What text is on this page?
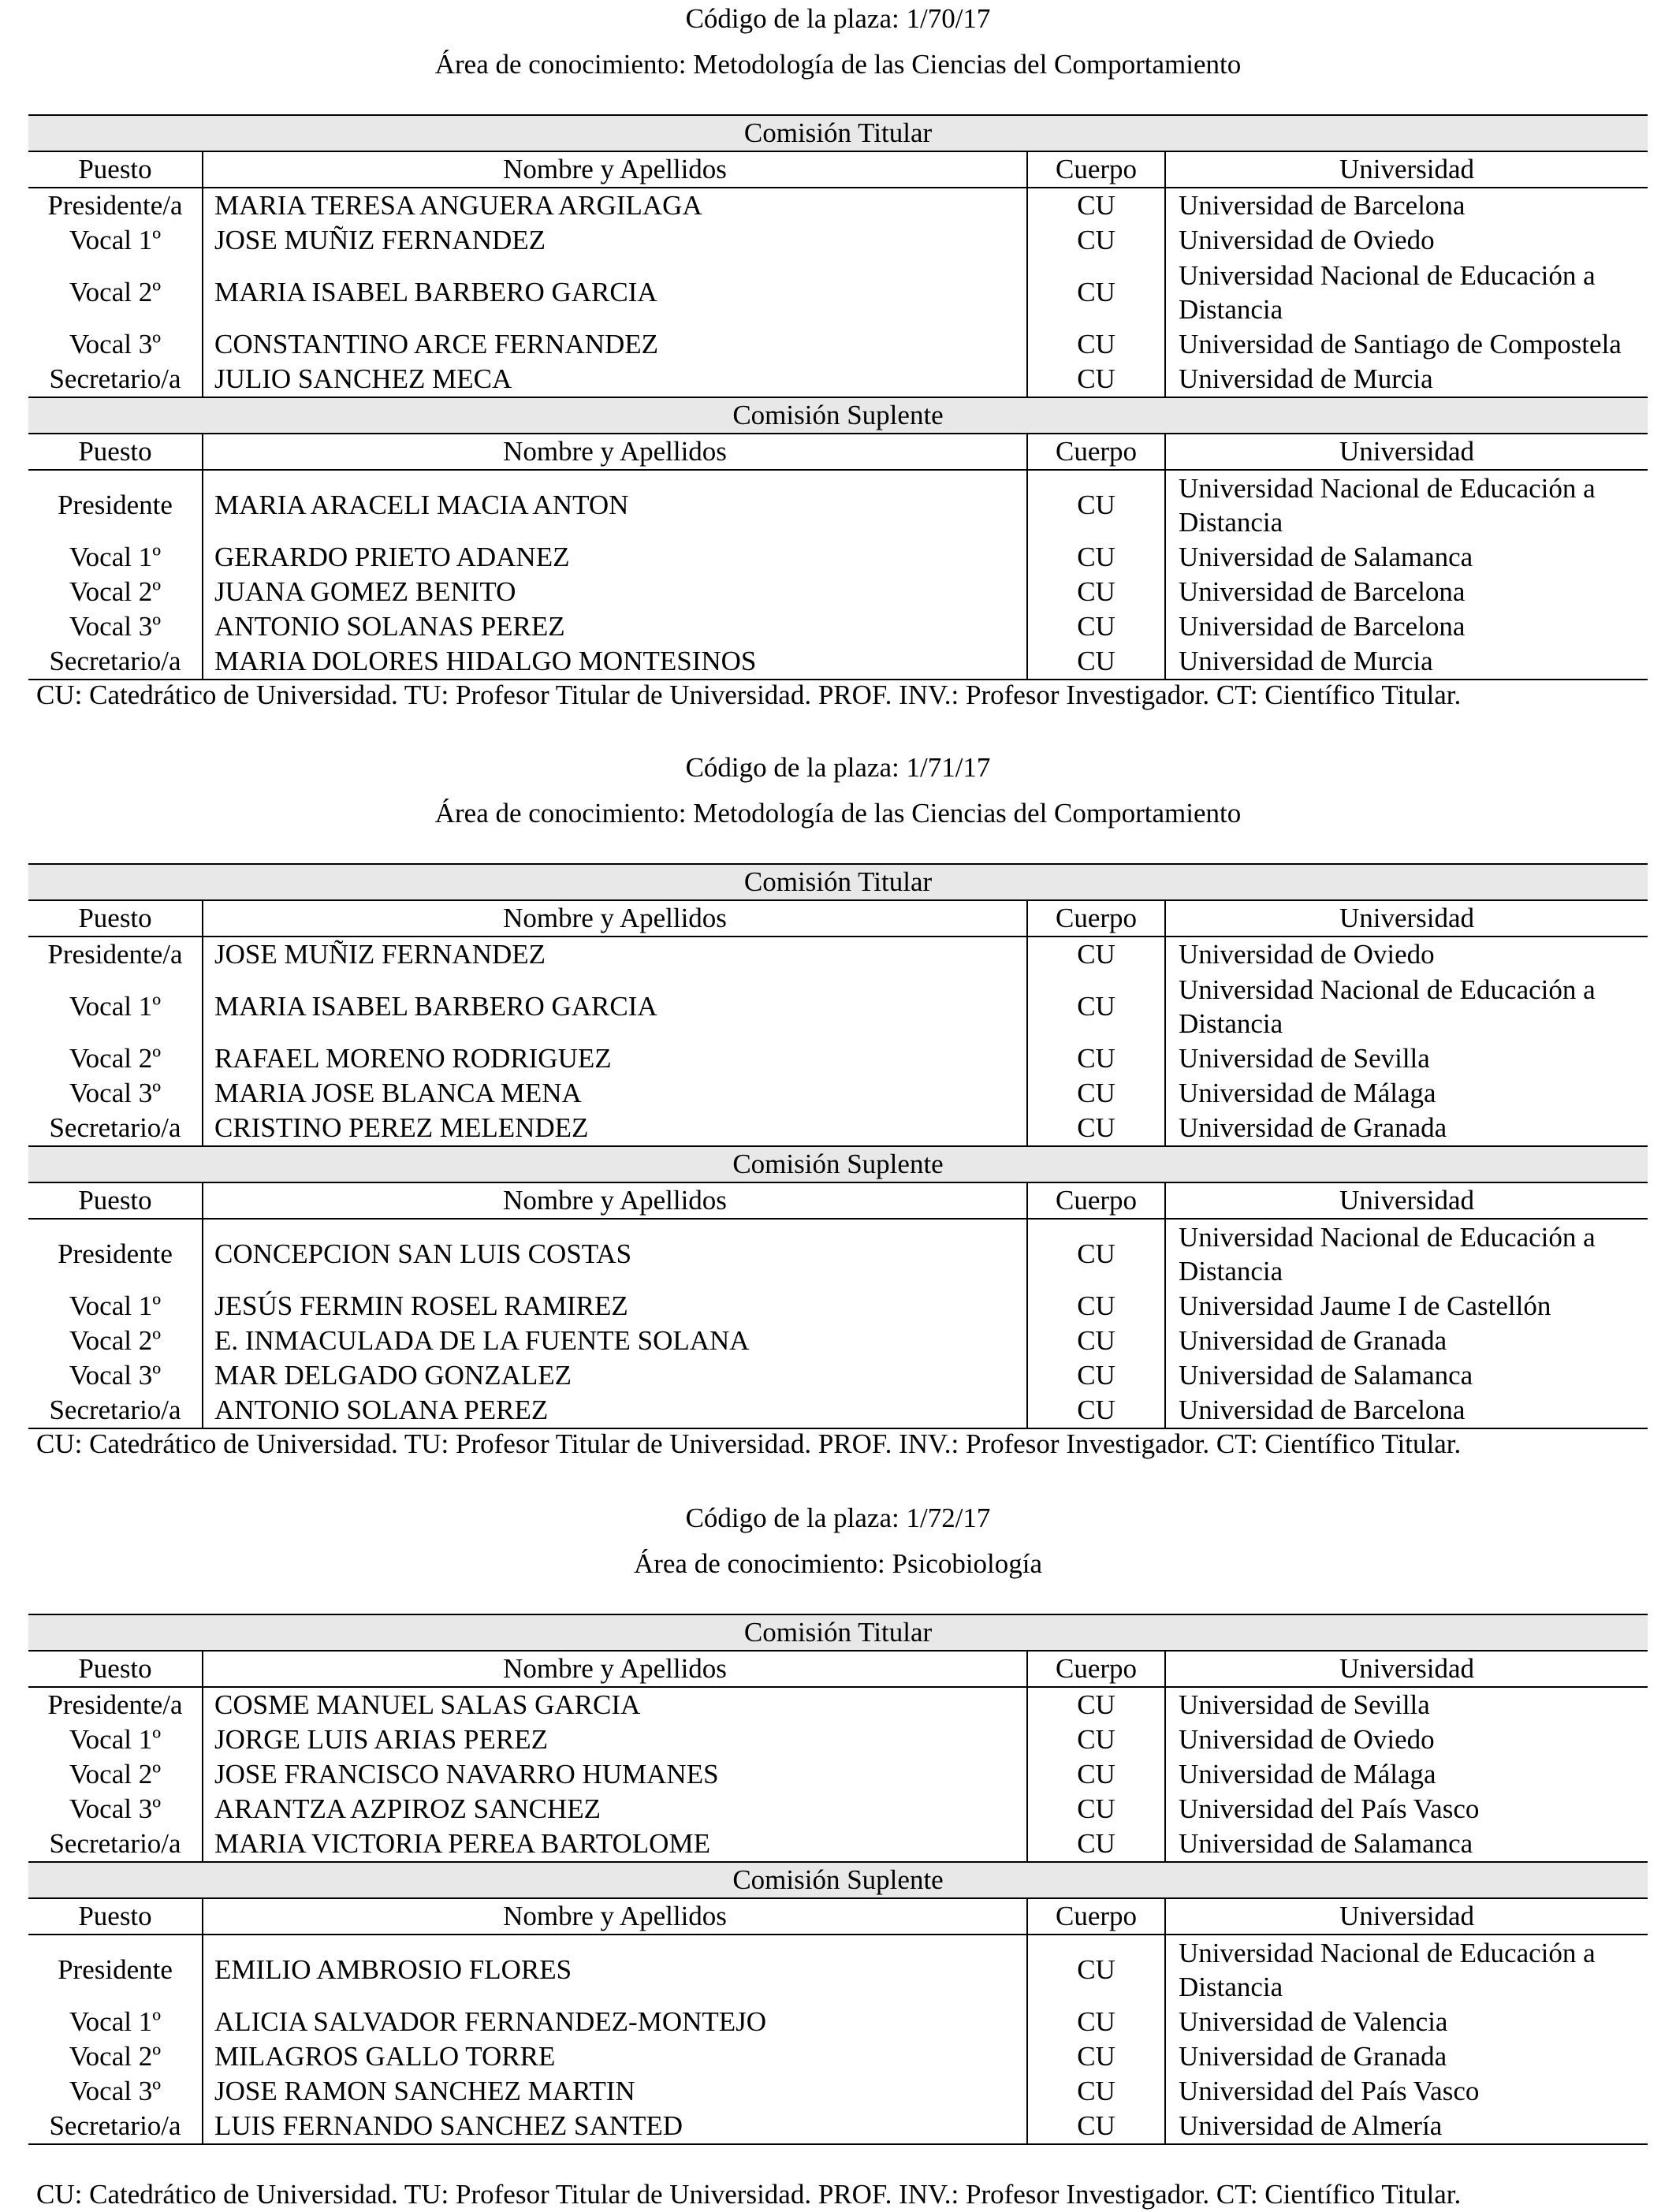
Código de la plaza: 1/70/17
Área de conocimiento: Metodología de las Ciencias del Comportamiento
Comisión Titular			
Puesto	Nombre y Apellidos	Cuerpo	Universidad
Presidente/a	MARIA TERESA ANGUERA ARGILAGA	CU	Universidad de Barcelona
Vocal 1º	JOSE MUÑIZ FERNANDEZ	CU	Universidad de Oviedo
Vocal 2º	MARIA ISABEL BARBERO GARCIA	CU	Universidad Nacional de Educación a Distancia
Vocal 3º	CONSTANTINO ARCE FERNANDEZ	CU	Universidad de Santiago de Compostela
Secretario/a	JULIO SANCHEZ MECA	CU	Universidad de Murcia
Comisión Suplente			
Puesto	Nombre y Apellidos	Cuerpo	Universidad
Presidente	MARIA ARACELI MACIA ANTON	CU	Universidad Nacional de Educación a Distancia
Vocal 1º	GERARDO PRIETO ADANEZ	CU	Universidad de Salamanca
Vocal 2º	JUANA GOMEZ BENITO	CU	Universidad de Barcelona
Vocal 3º	ANTONIO SOLANAS PEREZ	CU	Universidad de Barcelona
Secretario/a	MARIA DOLORES HIDALGO MONTESINOS	CU	Universidad de Murcia
CU: Catedrático de Universidad. TU: Profesor Titular de Universidad. PROF. INV.: Profesor Investigador. CT: Científico Titular.
Código de la plaza: 1/71/17
Área de conocimiento: Metodología de las Ciencias del Comportamiento
Comisión Titular			
Puesto	Nombre y Apellidos	Cuerpo	Universidad
Presidente/a	JOSE MUÑIZ FERNANDEZ	CU	Universidad de Oviedo
Vocal 1º	MARIA ISABEL BARBERO GARCIA	CU	Universidad Nacional de Educación a Distancia
Vocal 2º	RAFAEL MORENO RODRIGUEZ	CU	Universidad de Sevilla
Vocal 3º	MARIA JOSE BLANCA MENA	CU	Universidad de Málaga
Secretario/a	CRISTINO PEREZ MELENDEZ	CU	Universidad de Granada
Comisión Suplente			
Puesto	Nombre y Apellidos	Cuerpo	Universidad
Presidente	CONCEPCION SAN LUIS COSTAS	CU	Universidad Nacional de Educación a Distancia
Vocal 1º	JESÚS FERMIN ROSEL RAMIREZ	CU	Universidad Jaume I de Castellón
Vocal 2º	E. INMACULADA DE LA FUENTE SOLANA	CU	Universidad de Granada
Vocal 3º	MAR DELGADO GONZALEZ	CU	Universidad de Salamanca
Secretario/a	ANTONIO SOLANA PEREZ	CU	Universidad de Barcelona
CU: Catedrático de Universidad. TU: Profesor Titular de Universidad. PROF. INV.: Profesor Investigador. CT: Científico Titular.
Código de la plaza: 1/72/17
Área de conocimiento: Psicobiología
Comisión Titular			
Puesto	Nombre y Apellidos	Cuerpo	Universidad
Presidente/a	COSME MANUEL SALAS GARCIA	CU	Universidad de Sevilla
Vocal 1º	JORGE LUIS ARIAS PEREZ	CU	Universidad de Oviedo
Vocal 2º	JOSE FRANCISCO NAVARRO HUMANES	CU	Universidad de Málaga
Vocal 3º	ARANTZA AZPIROZ SANCHEZ	CU	Universidad del País Vasco
Secretario/a	MARIA VICTORIA PEREA BARTOLOME	CU	Universidad de Salamanca
Comisión Suplente			
Puesto	Nombre y Apellidos	Cuerpo	Universidad
Presidente	EMILIO AMBROSIO FLORES	CU	Universidad Nacional de Educación a Distancia
Vocal 1º	ALICIA SALVADOR FERNANDEZ-MONTEJO	CU	Universidad de Valencia
Vocal 2º	MILAGROS GALLO TORRE	CU	Universidad de Granada
Vocal 3º	JOSE RAMON SANCHEZ MARTIN	CU	Universidad del País Vasco
Secretario/a	LUIS FERNANDO SANCHEZ SANTED	CU	Universidad de Almería
CU: Catedrático de Universidad. TU: Profesor Titular de Universidad. PROF. INV.: Profesor Investigador. CT: Científico Titular.
